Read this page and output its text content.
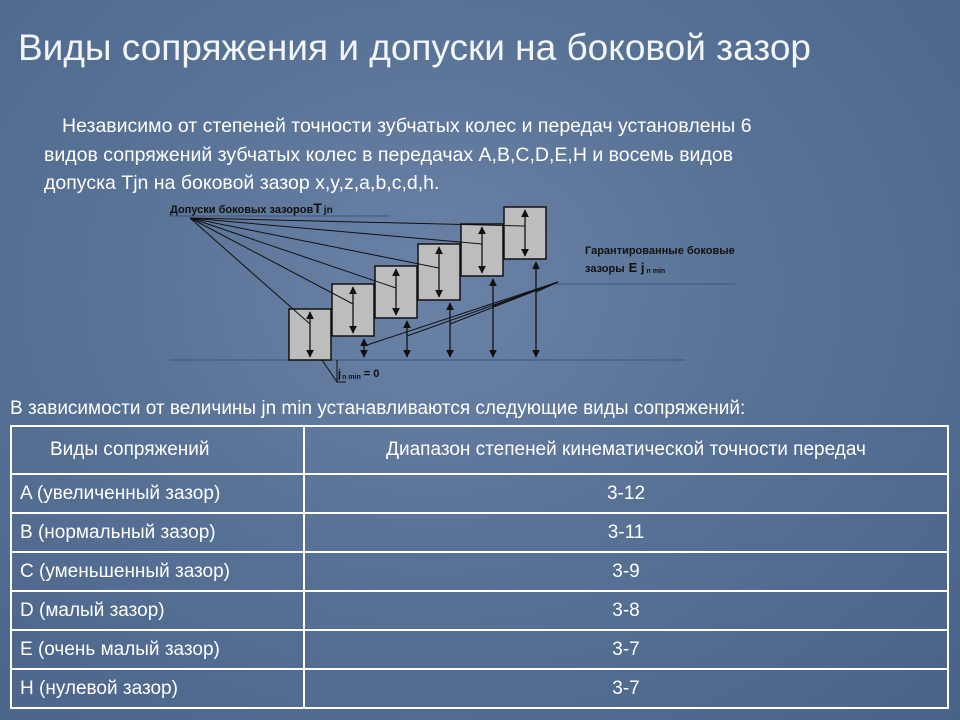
Виды сопряжения и допуски на боковой зазор
Независимо от степеней точности зубчатых колес и передач установлены 6
видов сопряжений зубчатых колес в передачах A,B,C,D,E,H и восемь видов
допуска Tjn на боковой зазор x,y,z,a,b,c,d,h.
Допуски боковых зазоровT jn
Гарантированные боковые
зазоры E j n min
jn min = 0
В зависимости от величины jn min устанавливаются следующие виды сопряжений:
Виды сопряжений	Диапазон степеней кинематической точности передач
A (увеличенный зазор)	3-12
B (нормальный зазор)	3-11
C (уменьшенный зазор)	3-9
D (малый зазор)	3-8
E (очень малый зазор)	3-7
H (нулевой зазор)	3-7
